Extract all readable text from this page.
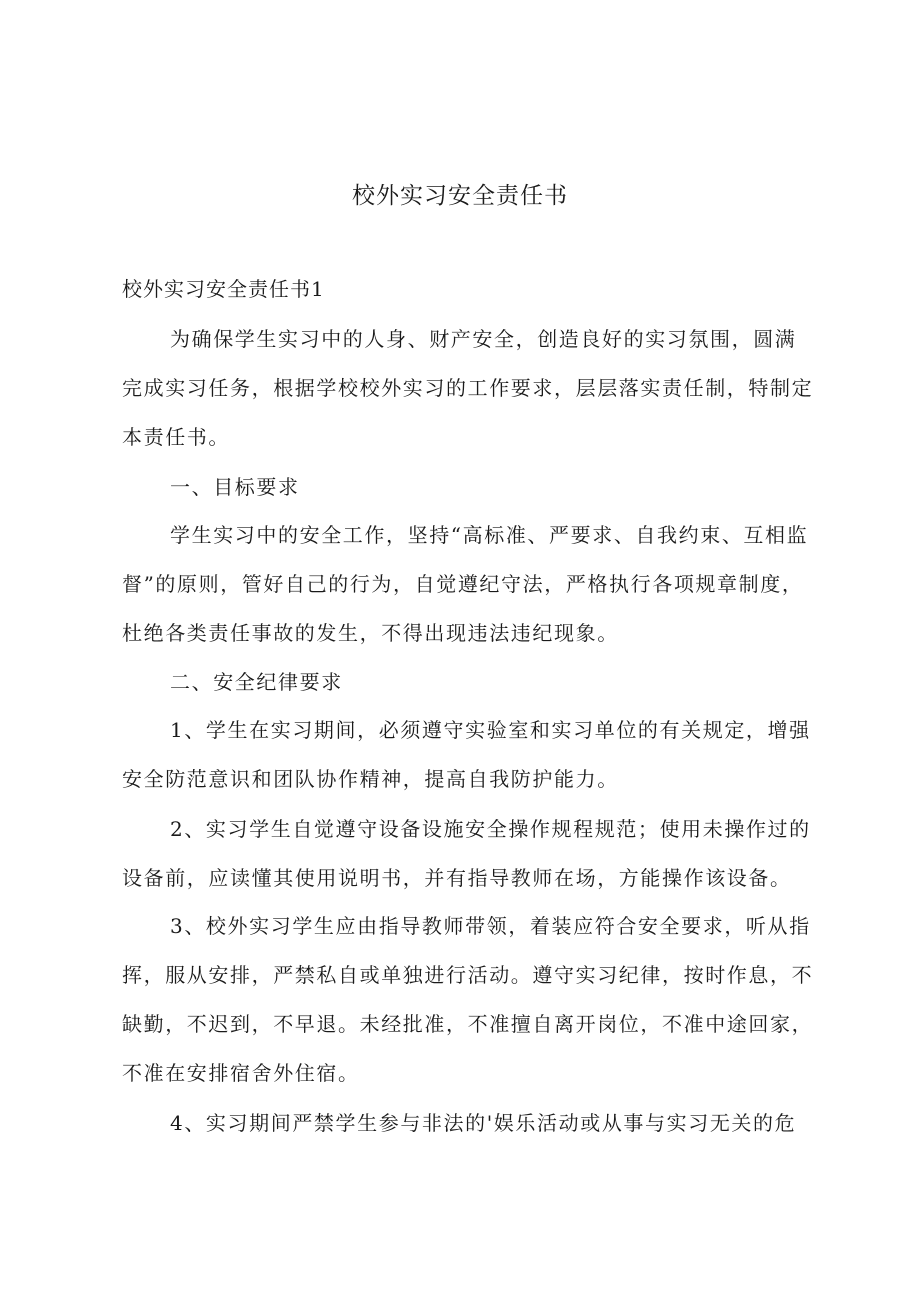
校外实习安全责任书

校外实习安全责任书1

为确保学生实习中的人身、财产安全，创造良好的实习氛围，圆满完成实习任务，根据学校校外实习的工作要求，层层落实责任制，特制定本责任书。

一、目标要求

学生实习中的安全工作，坚持“高标准、严要求、自我约束、互相监督”的原则，管好自己的行为，自觉遵纪守法，严格执行各项规章制度，杜绝各类责任事故的发生，不得出现违法违纪现象。

二、安全纪律要求

1、学生在实习期间，必须遵守实验室和实习单位的有关规定，增强安全防范意识和团队协作精神，提高自我防护能力。

2、实习学生自觉遵守设备设施安全操作规程规范；使用未操作过的设备前，应读懂其使用说明书，并有指导教师在场，方能操作该设备。

3、校外实习学生应由指导教师带领，着装应符合安全要求，听从指挥，服从安排，严禁私自或单独进行活动。遵守实习纪律，按时作息，不缺勤，不迟到，不早退。未经批准，不准擅自离开岗位，不准中途回家，不准在安排宿舍外住宿。

4、实习期间严禁学生参与非法的'娱乐活动或从事与实习无关的危
